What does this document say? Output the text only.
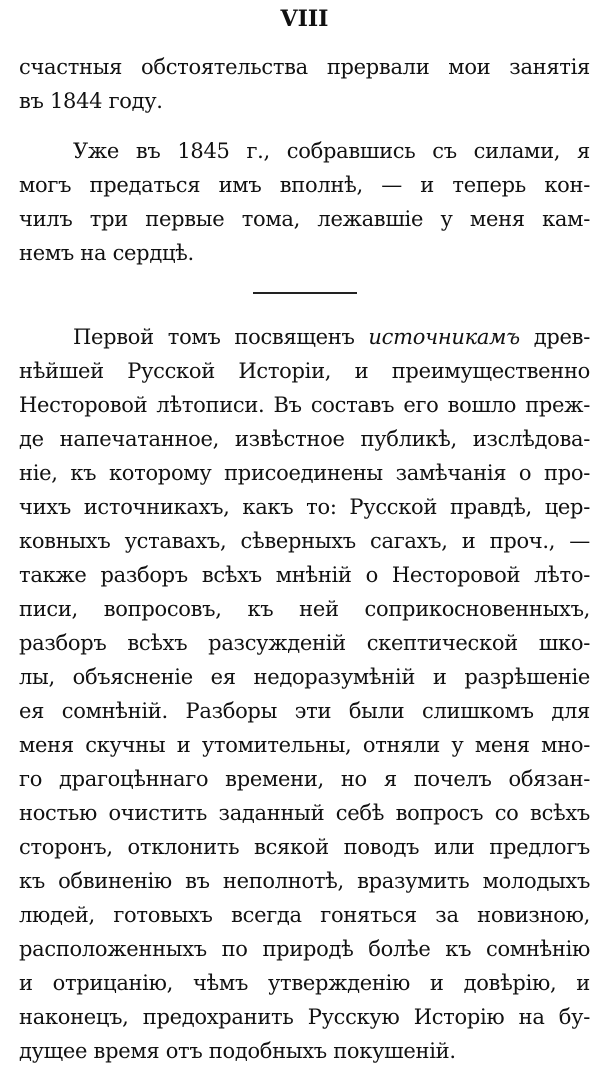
VIII
счастныя обстоятельства прервали мои занятія
въ 1844 году.
Уже въ 1845 г., собравшись съ силами, я
могъ предаться имъ вполнѣ, — и теперь кон-
чилъ три первые тома, лежавшіе у меня кам-
немъ на сердцѣ.
Первой томъ посвященъ источникамъ древ-
нѣйшей Русской Исторіи, и преимущественно
Несторовой лѣтописи. Въ составъ его вошло преж-
де напечатанное, извѣстное публикѣ, изслѣдова-
ніе, къ которому присоединены замѣчанія о про-
чихъ источникахъ, какъ то: Русской правдѣ, цер-
ковныхъ уставахъ, сѣверныхъ сагахъ, и проч., —
также разборъ всѣхъ мнѣній о Несторовой лѣто-
писи, вопросовъ, къ ней соприкосновенныхъ,
разборъ всѣхъ разсужденій скептической шко-
лы, объясненіе ея недоразумѣній и разрѣшеніе
ея сомнѣній. Разборы эти были слишкомъ для
меня скучны и утомительны, отняли у меня мно-
го драгоцѣннаго времени, но я почелъ обязан-
ностью очистить заданный себѣ вопросъ со всѣхъ
сторонъ, отклонить всякой поводъ или предлогъ
къ обвиненію въ неполнотѣ, вразумить молодыхъ
людей, готовыхъ всегда гоняться за новизною,
расположенныхъ по природѣ болѣе къ сомнѣнію
и отрицанію, чѣмъ утвержденію и довѣрію, и
наконецъ, предохранить Русскую Исторію на бу-
дущее время отъ подобныхъ покушеній.
